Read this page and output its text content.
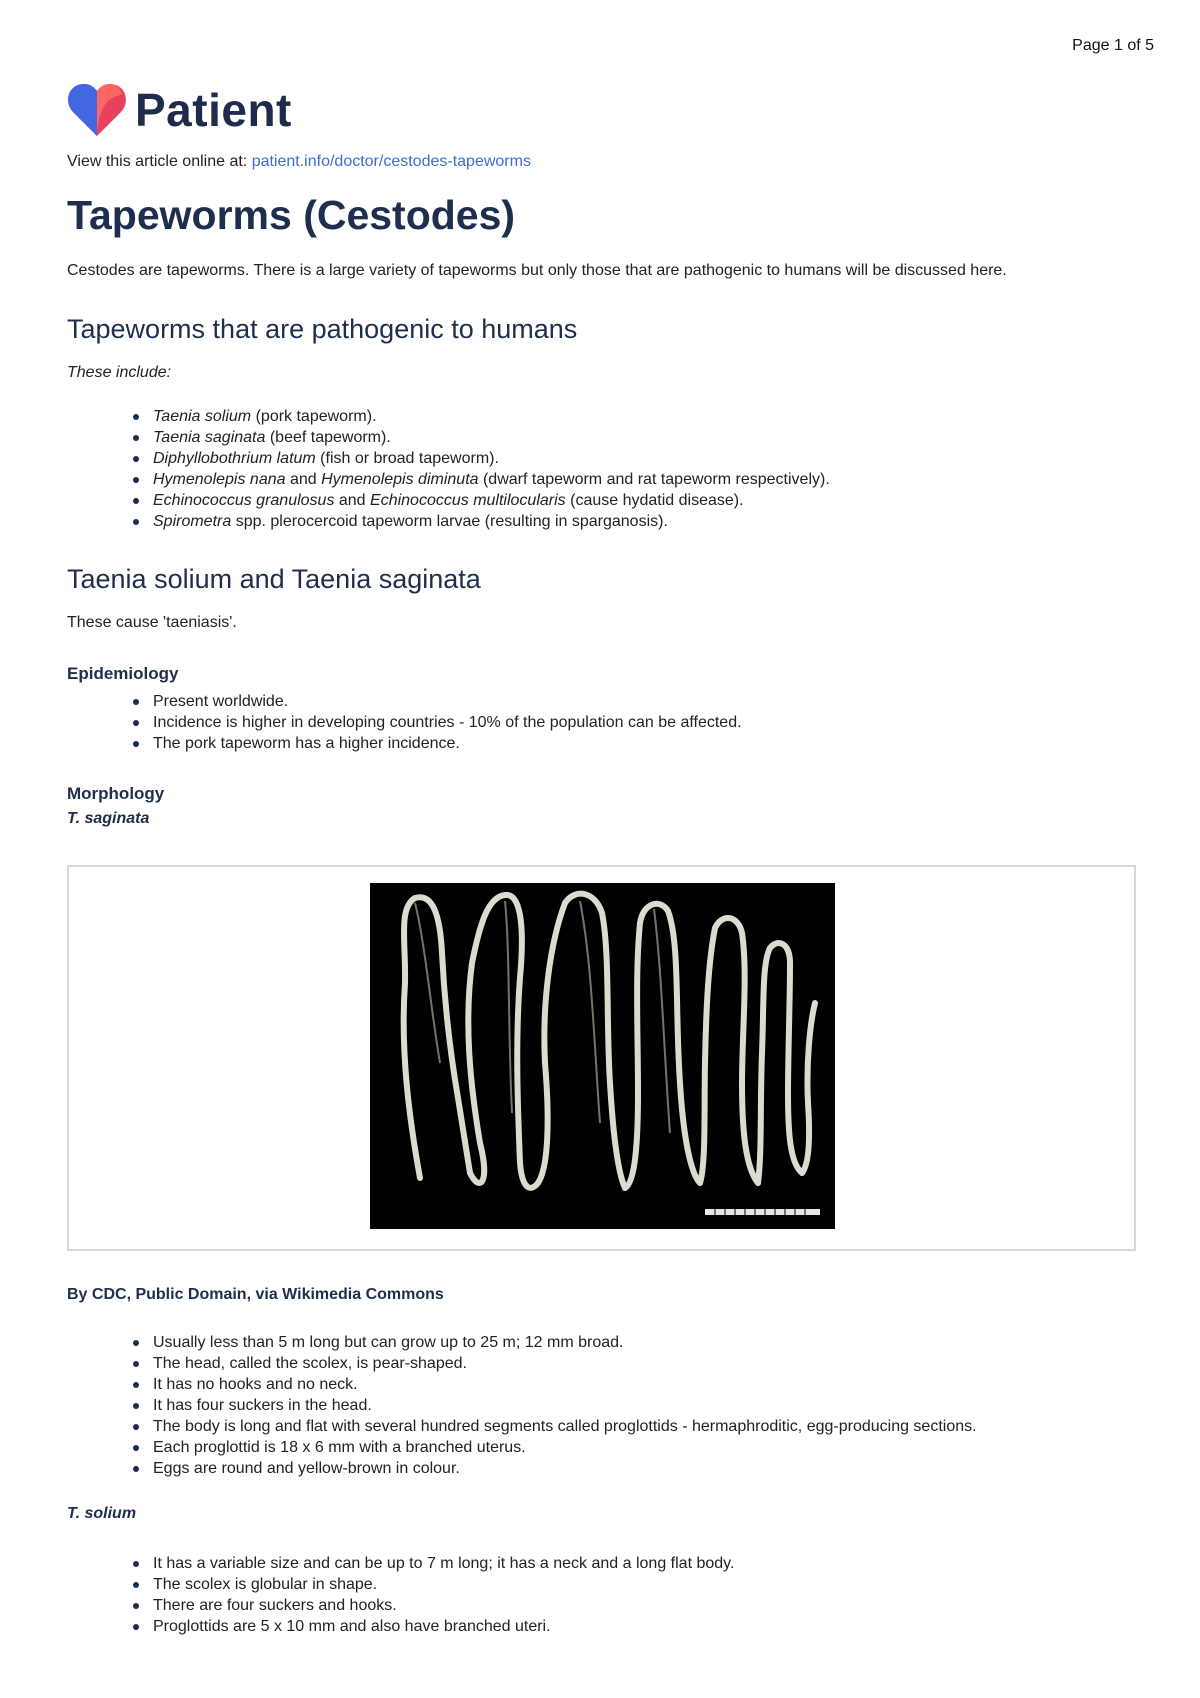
Page 1 of 5
Patient
View this article online at: patient.info/doctor/cestodes-tapeworms
Tapeworms (Cestodes)

Cestodes are tapeworms. There is a large variety of tapeworms but only those that are pathogenic to humans will be discussed here.

Tapeworms that are pathogenic to humans

These include:

Taenia solium (pork tapeworm).
Taenia saginata (beef tapeworm).
Diphyllobothrium latum (fish or broad tapeworm).
Hymenolepis nana and Hymenolepis diminuta (dwarf tapeworm and rat tapeworm respectively).
Echinococcus granulosus and Echinococcus multilocularis (cause hydatid disease).
Spirometra spp. plerocercoid tapeworm larvae (resulting in sparganosis).
Taenia solium and Taenia saginata

These cause 'taeniasis'.

Epidemiology
Present worldwide.
Incidence is higher in developing countries - 10% of the population can be affected.
The pork tapeworm has a higher incidence.
Morphology
T. saginata

By CDC, Public Domain, via Wikimedia Commons

Usually less than 5 m long but can grow up to 25 m; 12 mm broad.
The head, called the scolex, is pear-shaped.
It has no hooks and no neck.
It has four suckers in the head.
The body is long and flat with several hundred segments called proglottids - hermaphroditic, egg-producing sections.
Each proglottid is 18 x 6 mm with a branched uterus.
Eggs are round and yellow-brown in colour.
T. solium
It has a variable size and can be up to 7 m long; it has a neck and a long flat body.
The scolex is globular in shape.
There are four suckers and hooks.
Proglottids are 5 x 10 mm and also have branched uteri.
